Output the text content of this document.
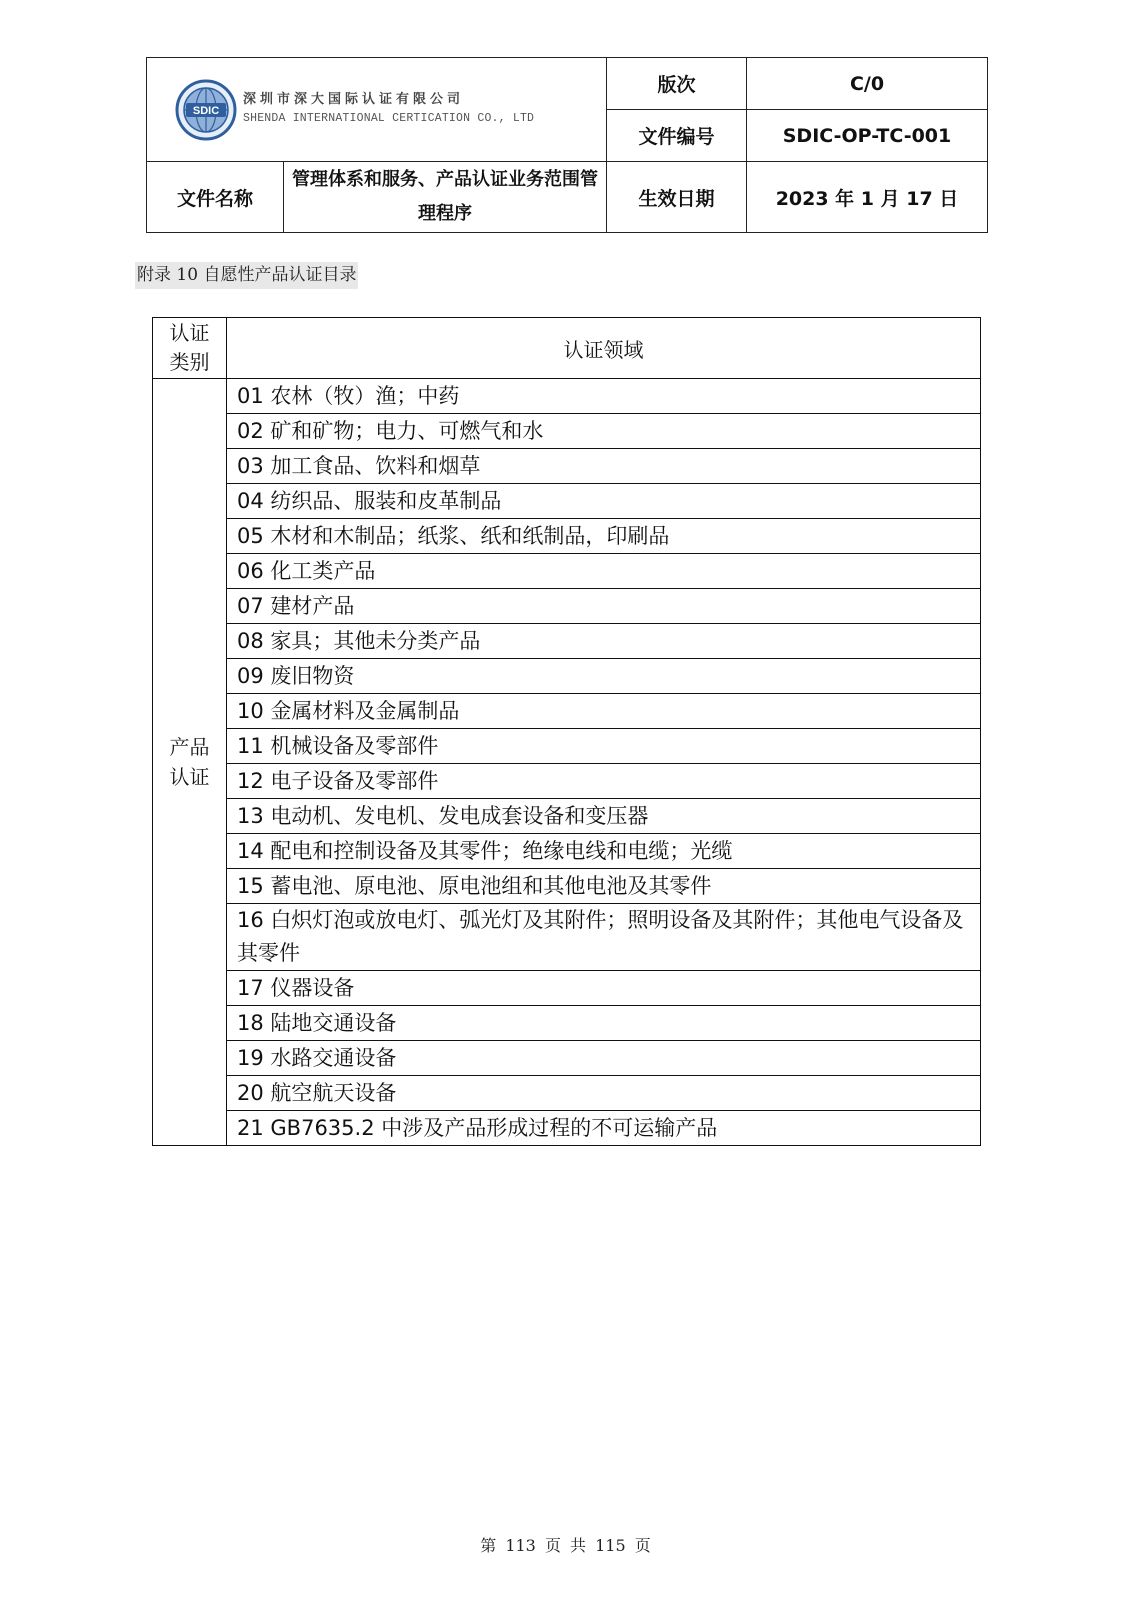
SDIC
深圳市深大国际认证有限公司
SHENDA INTERNATIONAL CERTICATION CO., LTD		版次	C/0
		文件编号	SDIC-OP-TC-001
文件名称	管理体系和服务、产品认证业务范围管理程序	生效日期	2023 年 1 月 17 日
附录 10 自愿性产品认证目录
认证
类别	认证领域
产品
认证	01 农林（牧）渔；中药
	02 矿和矿物；电力、可燃气和水
	03 加工食品、饮料和烟草
	04 纺织品、服装和皮革制品
	05 木材和木制品；纸浆、纸和纸制品，印刷品
	06 化工类产品
	07 建材产品
	08 家具；其他未分类产品
	09 废旧物资
	10 金属材料及金属制品
	11 机械设备及零部件
	12 电子设备及零部件
	13 电动机、发电机、发电成套设备和变压器
	14 配电和控制设备及其零件；绝缘电线和电缆；光缆
	15 蓄电池、原电池、原电池组和其他电池及其零件
	16 白炽灯泡或放电灯、弧光灯及其附件；照明设备及其附件；其他电气设备及其零件
	17 仪器设备
	18 陆地交通设备
	19 水路交通设备
	20 航空航天设备
	21 GB7635.2 中涉及产品形成过程的不可运输产品
第 113 页 共 115 页
